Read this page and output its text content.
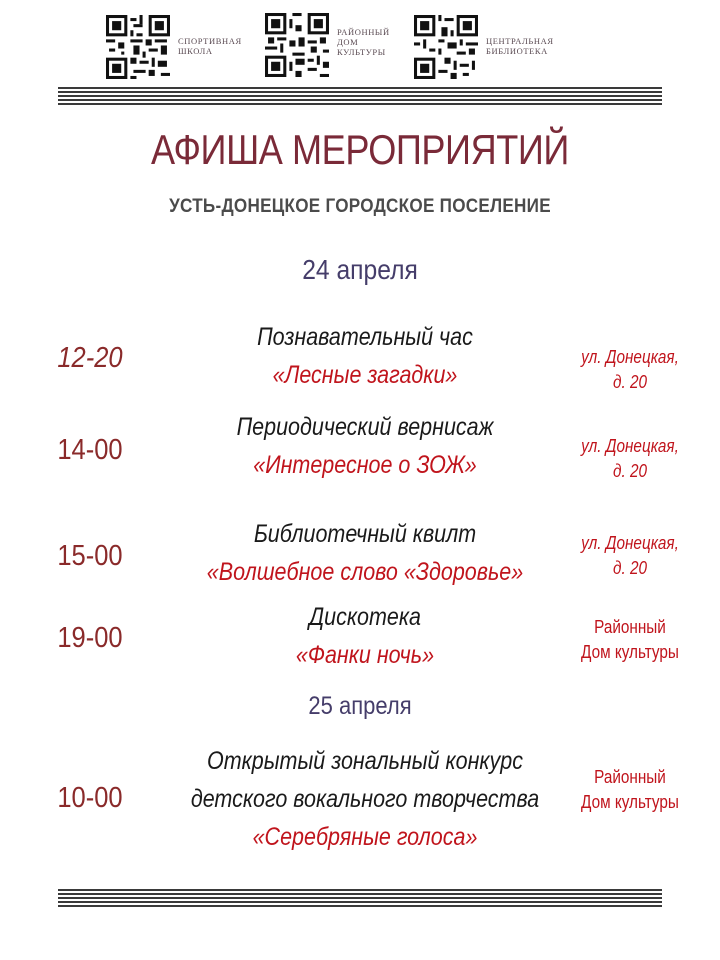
СПОРТИВНАЯ ШКОЛА
РАЙОННЫЙ ДОМ КУЛЬТУРЫ
ЦЕНТРАЛЬНАЯ БИБЛИОТЕКА
АФИША МЕРОПРИЯТИЙ
УСТЬ-ДОНЕЦКОЕ ГОРОДСКОЕ ПОСЕЛЕНИЕ
24 апреля
12-20
Познавательный час
«Лесные загадки»
ул. Донецкая,
д. 20
14-00
Периодический вернисаж
«Интересное о ЗОЖ»
ул. Донецкая,
д. 20
15-00
Библиотечный квилт
«Волшебное слово «Здоровье»
ул. Донецкая,
д. 20
19-00
Дискотека
«Фанки ночь»
Районный
Дом культуры
25 апреля
10-00
Открытый зональный конкурс
детского вокального творчества
«Серебряные голоса»
Районный
Дом культуры
